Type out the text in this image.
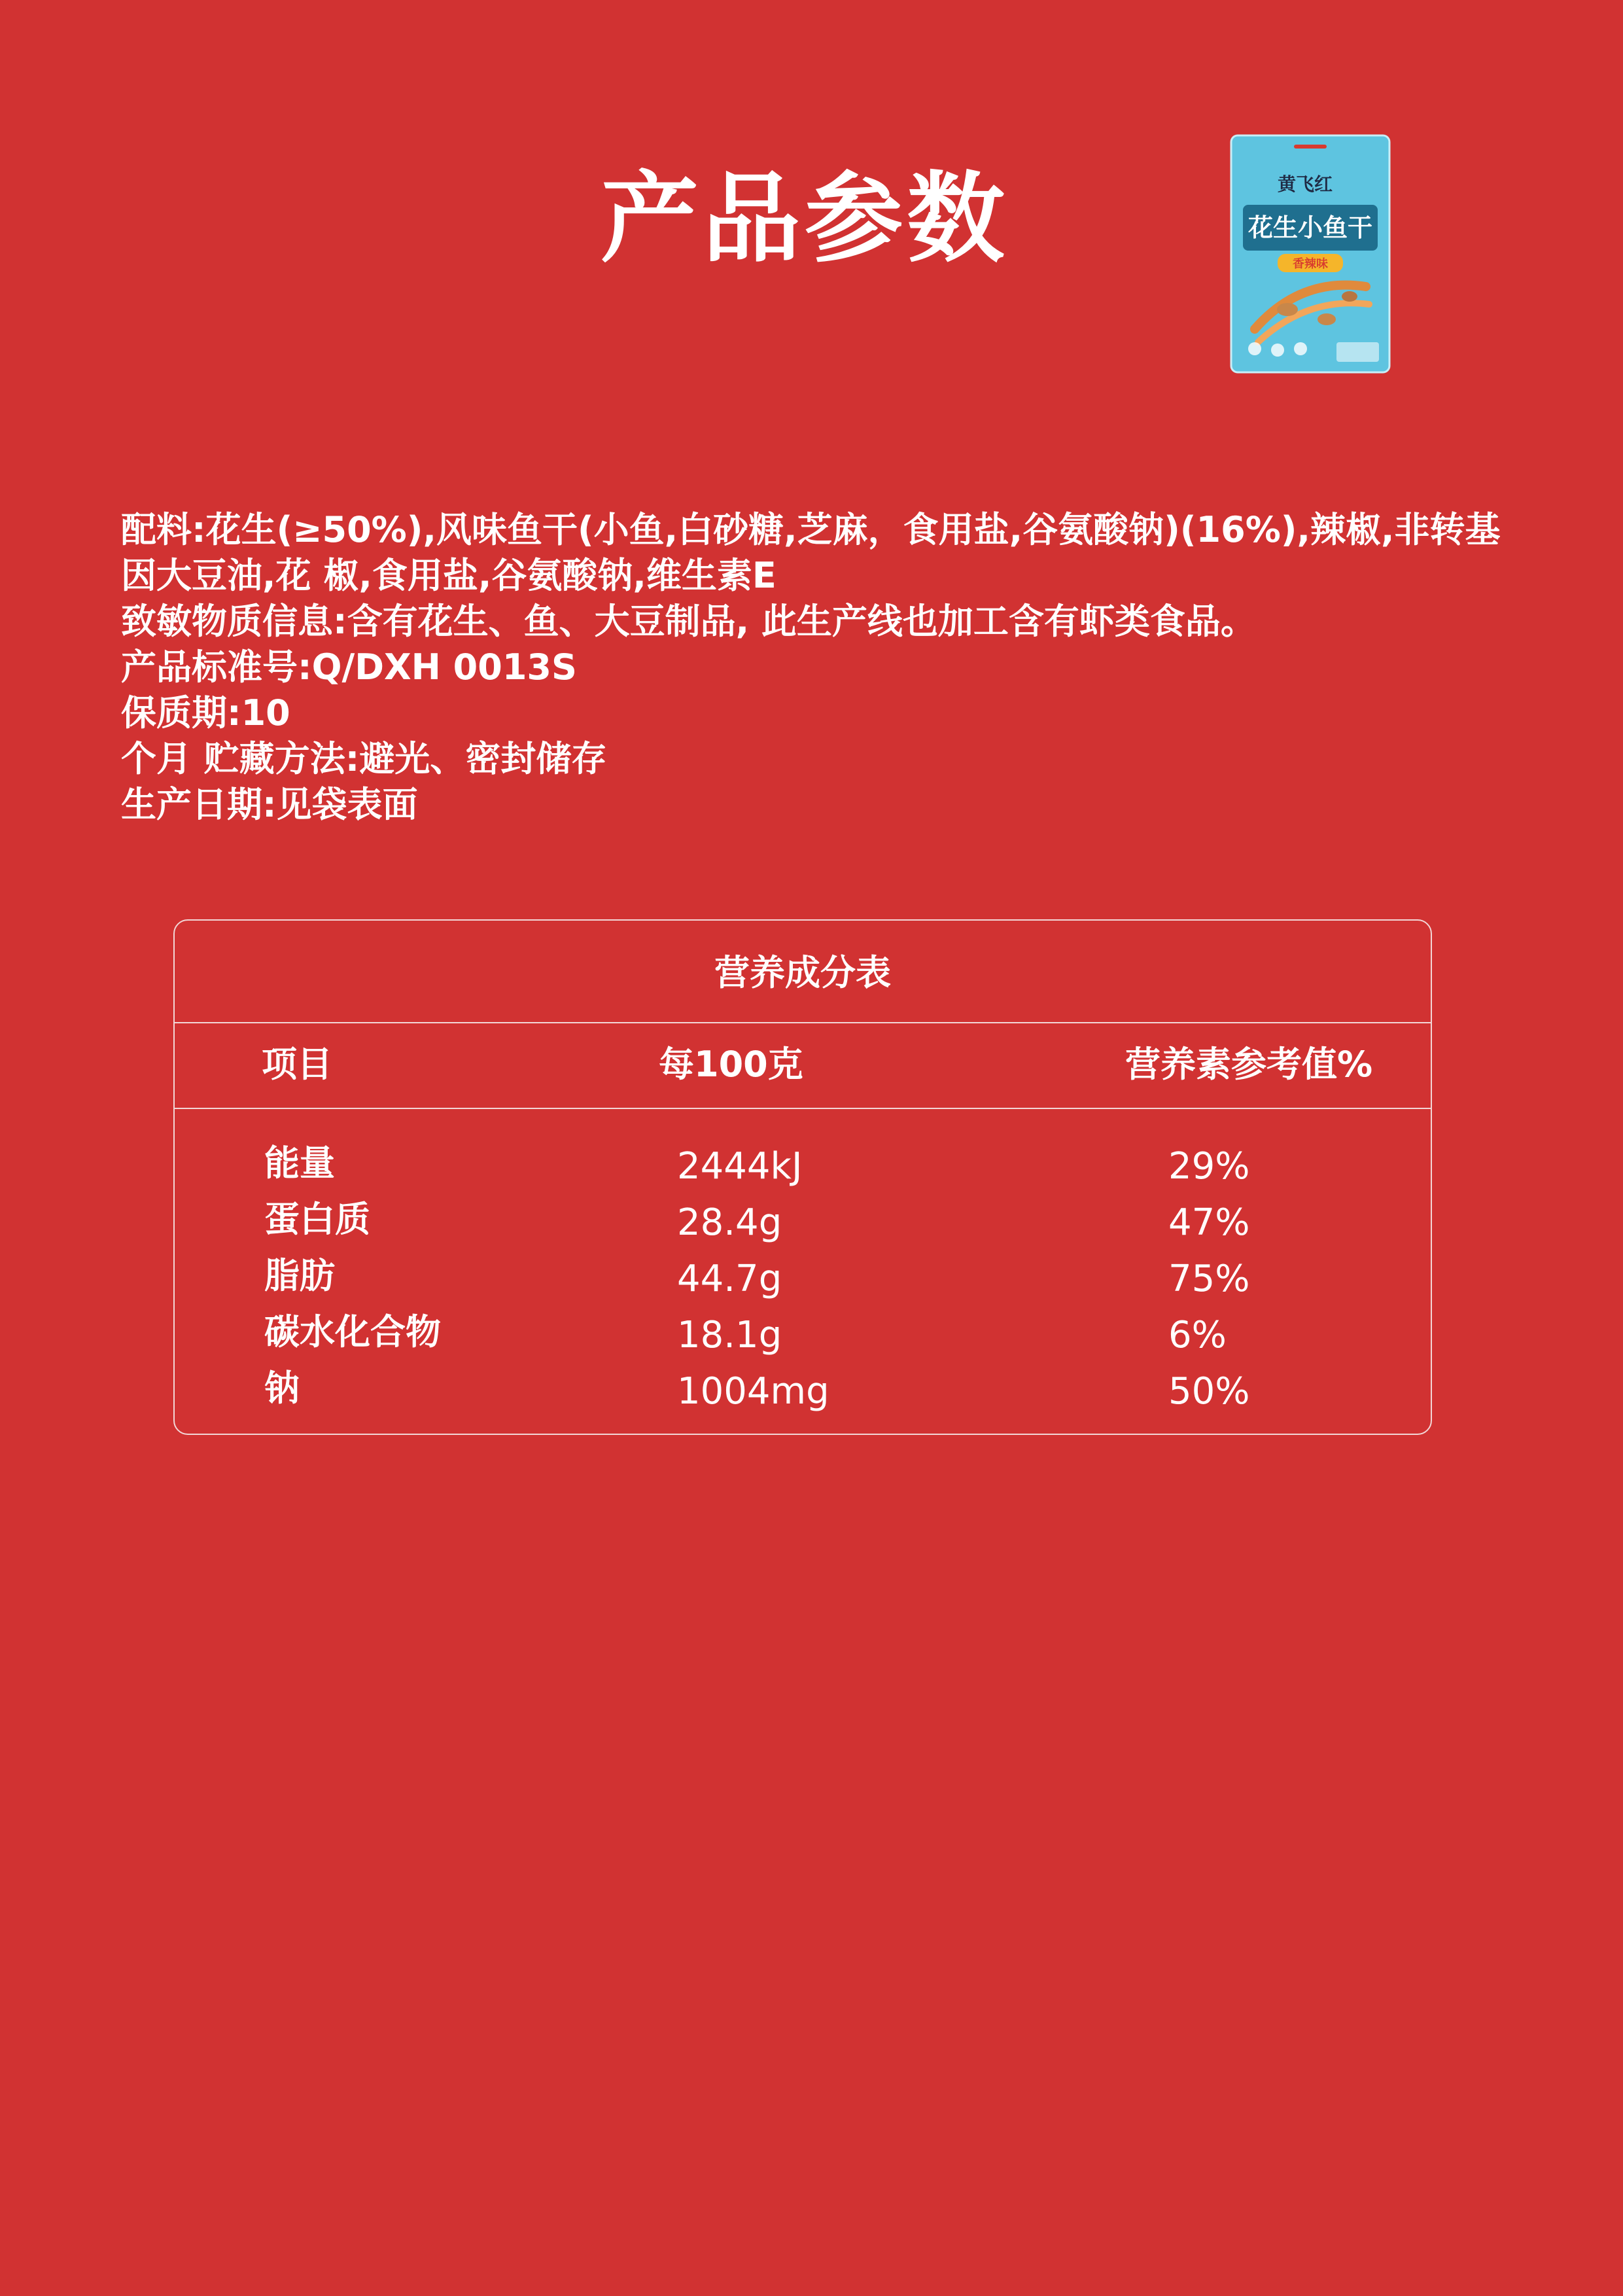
产品参数	黄飞红
花生小鱼干
香辣味
配料:花生(≥50%),风味鱼干(小鱼,白砂糖,芝麻，食用盐,谷氨酸钠)(16%),辣椒,非转基
因大豆油,花 椒,食用盐,谷氨酸钠,维生素E
致敏物质信息:含有花生、鱼、大豆制品, 此生产线也加工含有虾类食品。
产品标准号:Q/DXH 0013S
保质期:10
个月 贮藏方法:避光、密封储存
生产日期:见袋表面
营养成分表
项目	每100克	营养素参考值%
能量	2444kJ	29%
蛋白质	28.4g	47%
脂肪	44.7g	75%
碳水化合物	18.1g	6%
钠	1004mg	50%
